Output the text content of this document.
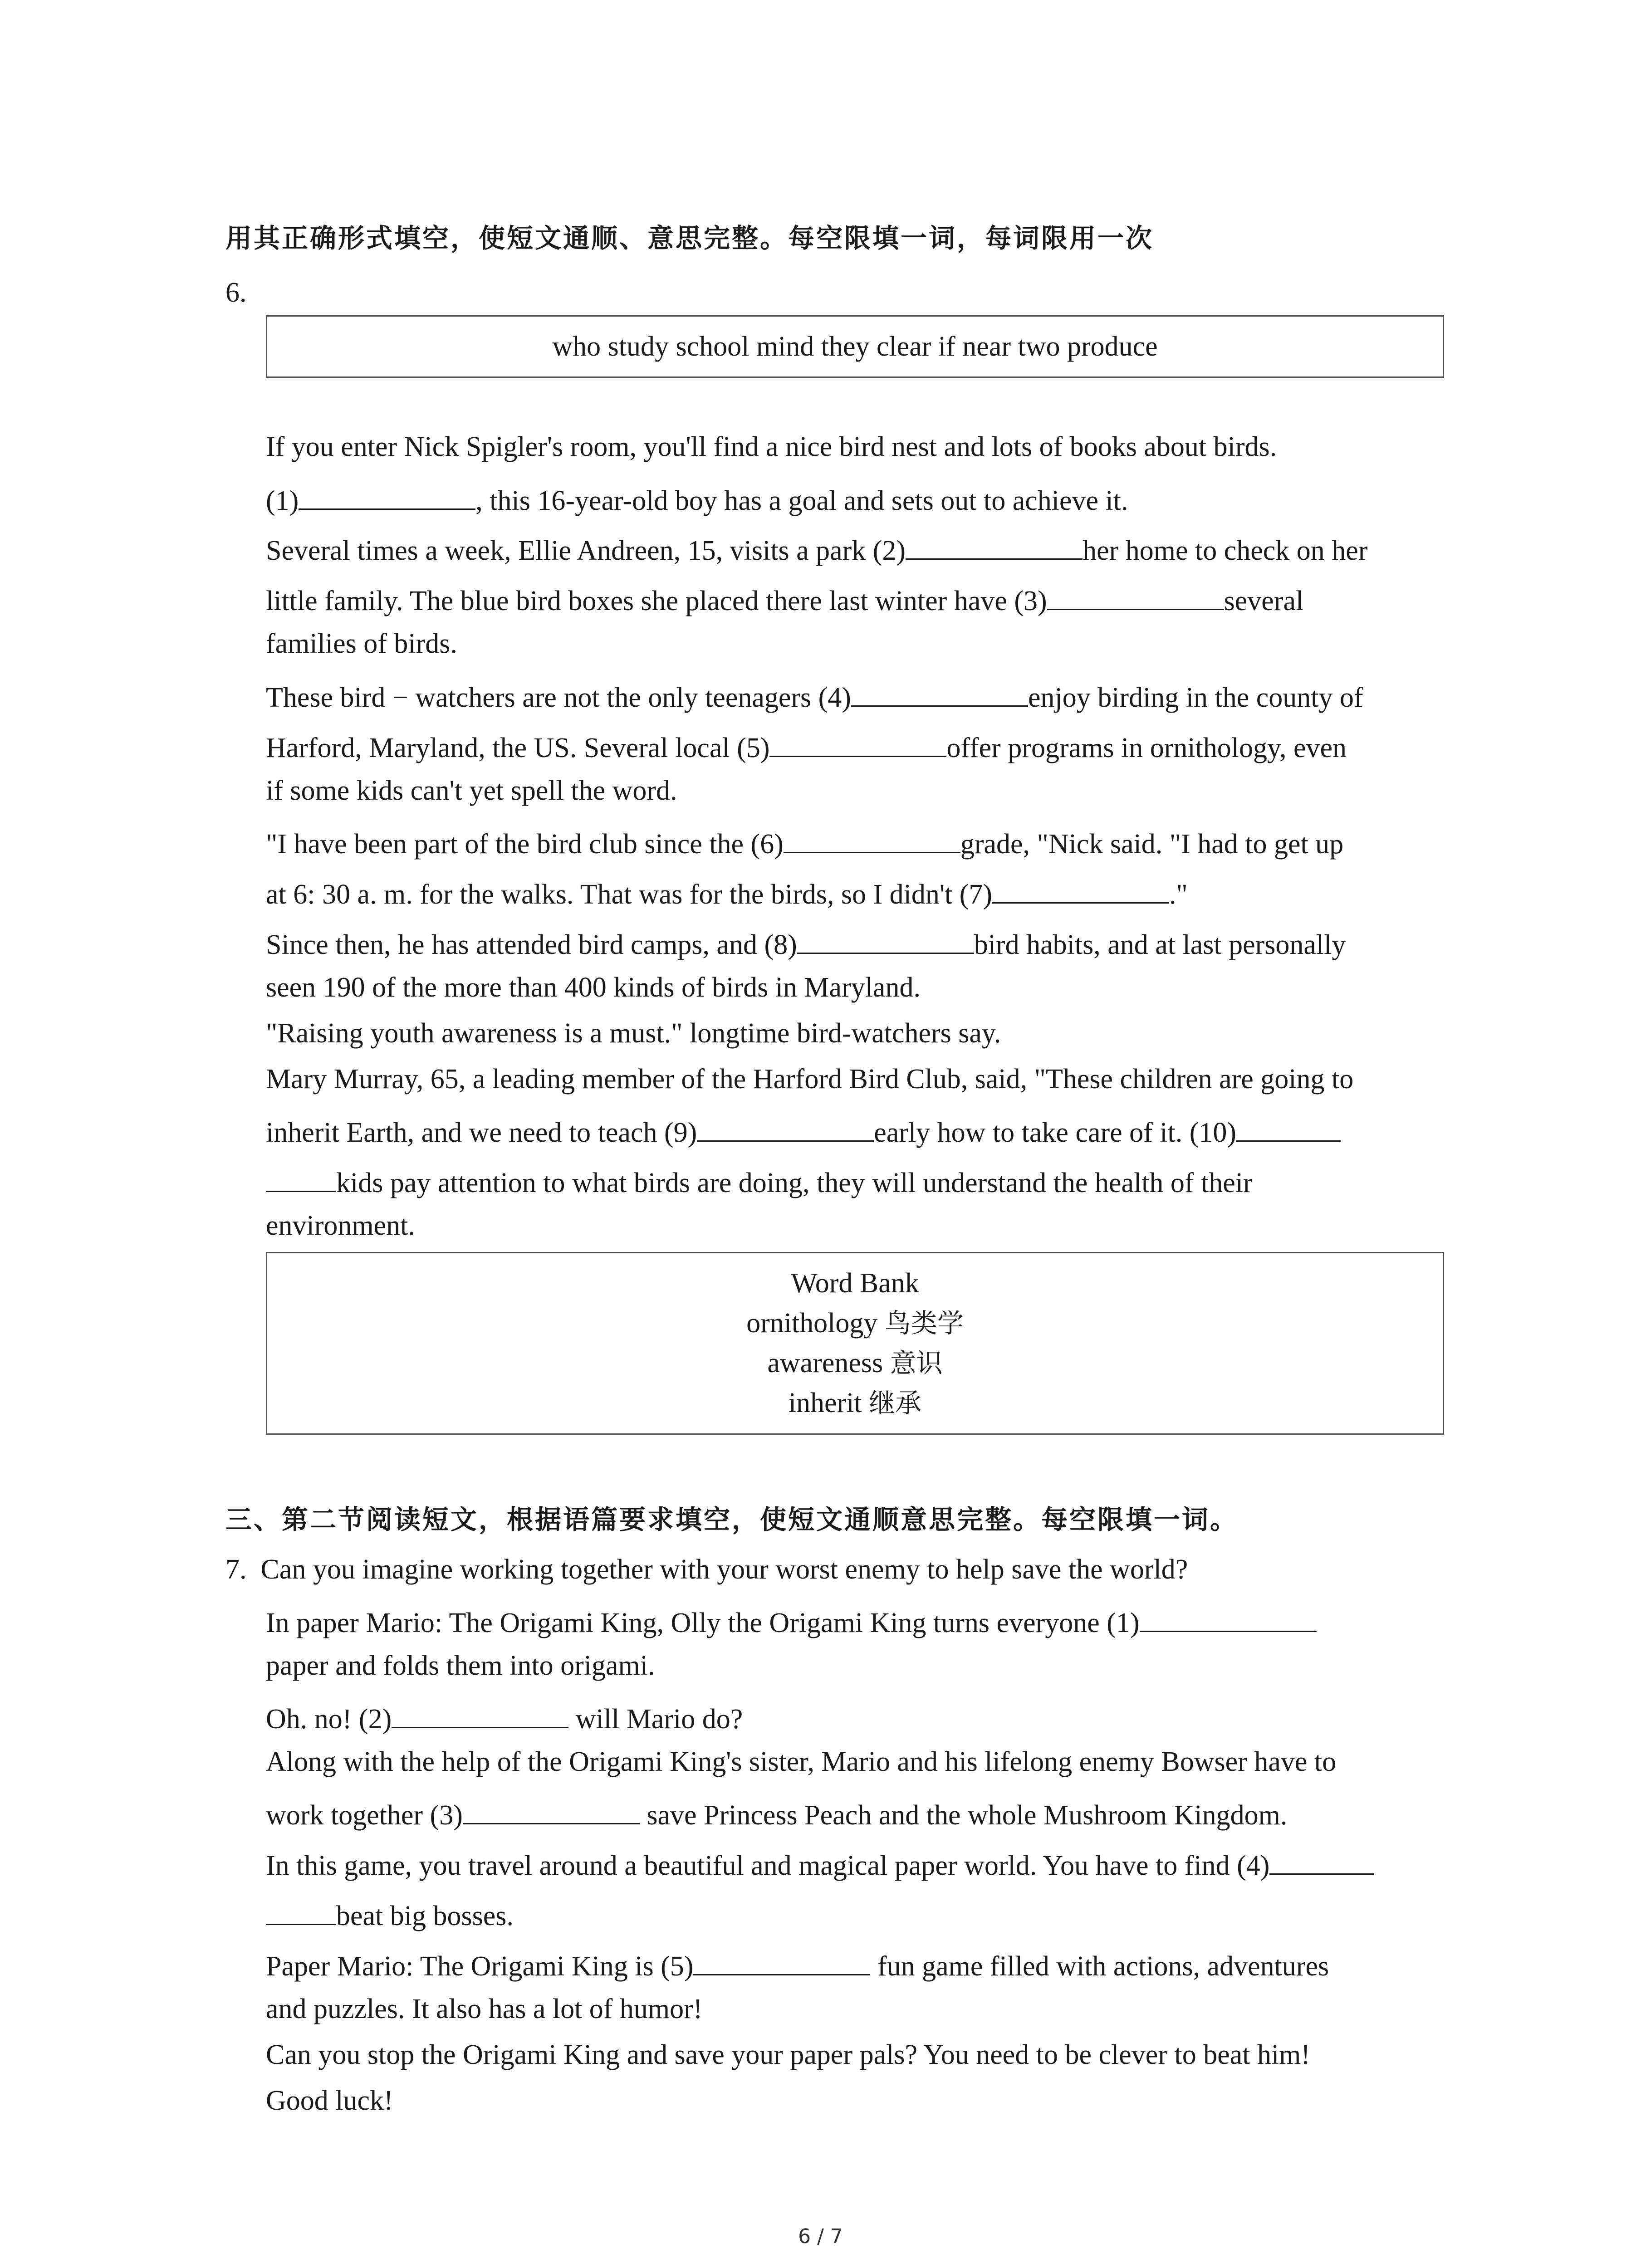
用其正确形式填空，使短文通顺、意思完整。每空限填一词，每词限用一次
6.
who study school mind they clear if near two produce
If you enter Nick Spigler's room, you'll find a nice bird nest and lots of books about birds.
(1)	, this 16-year-old boy has a goal and sets out to achieve it.
Several times a week, Ellie Andreen, 15, visits a park (2)	her home to check on her
little family. The blue bird boxes she placed there last winter have (3)	several
families of birds.
These bird − watchers are not the only teenagers (4)	enjoy birding in the county of
Harford, Maryland, the US. Several local (5)	offer programs in ornithology, even
if some kids can't yet spell the word.
"I have been part of the bird club since the (6)	grade, "Nick said. "I had to get up
at 6: 30 a. m. for the walks. That was for the birds, so I didn't (7)	."
Since then, he has attended bird camps, and (8)	bird habits, and at last personally
seen 190 of the more than 400 kinds of birds in Maryland.
"Raising youth awareness is a must." longtime bird-watchers say.
Mary Murray, 65, a leading member of the Harford Bird Club, said, "These children are going to
inherit Earth, and we need to teach (9)	early how to take care of it. (10)
kids pay attention to what birds are doing, they will understand the health of their
environment.
Word Bank
ornithology 鸟类学
awareness 意识
inherit 继承
三、第二节阅读短文，根据语篇要求填空，使短文通顺意思完整。每空限填一词。
7. Can you imagine working together with your worst enemy to help save the world?
In paper Mario: The Origami King, Olly the Origami King turns everyone (1)
paper and folds them into origami.
Oh. no! (2)	will Mario do?
Along with the help of the Origami King's sister, Mario and his lifelong enemy Bowser have to
work together (3)	save Princess Peach and the whole Mushroom Kingdom.
In this game, you travel around a beautiful and magical paper world. You have to find (4)
beat big bosses.
Paper Mario: The Origami King is (5)	fun game filled with actions, adventures
and puzzles. It also has a lot of humor!
Can you stop the Origami King and save your paper pals? You need to be clever to beat him!
Good luck!
6 / 7
